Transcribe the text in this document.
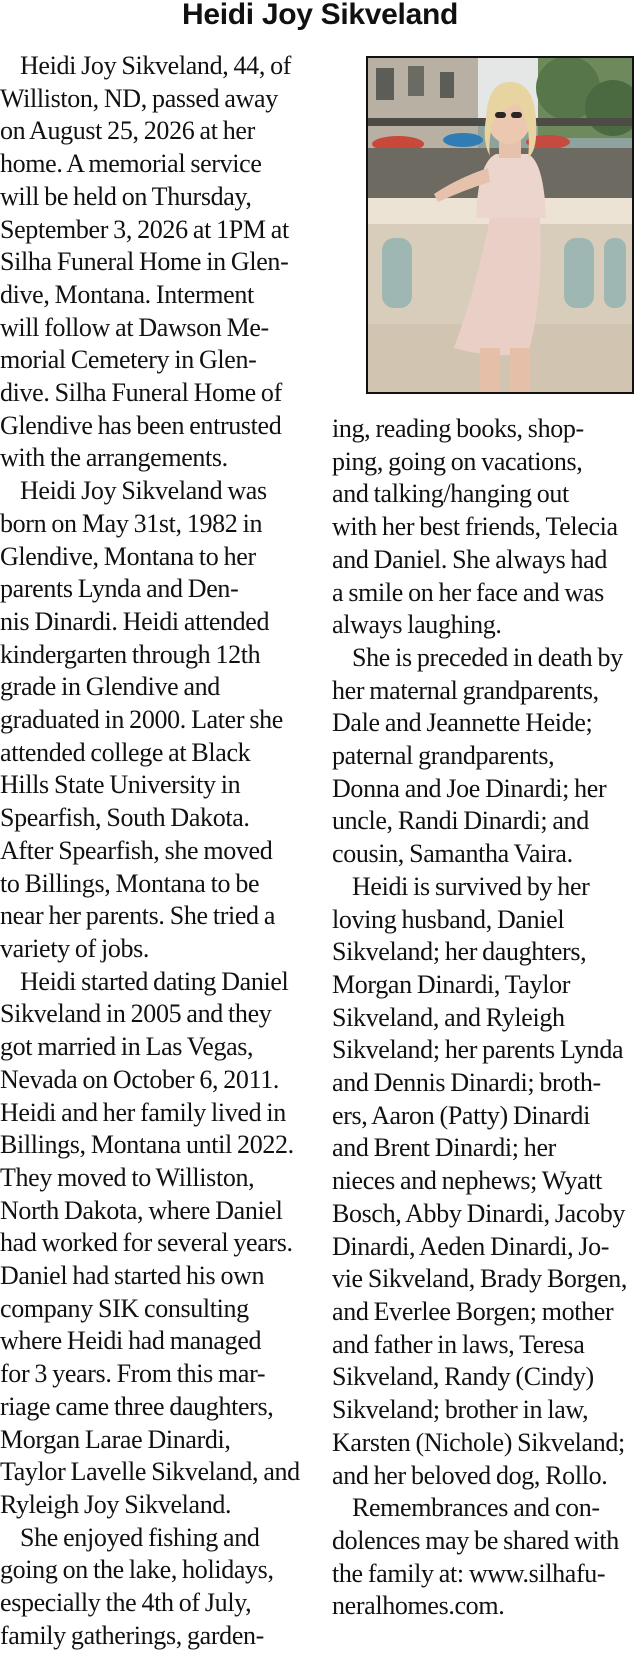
Heidi Joy Sikveland

Heidi Joy Sikveland, 44, of
Williston, ND, passed away
on August 25, 2026 at her
home. A memorial service
will be held on Thursday,
September 3, 2026 at 1PM at
Silha Funeral Home in Glen-
dive, Montana. Interment
will follow at Dawson Me-
morial Cemetery in Glen-
dive. Silha Funeral Home of
Glendive has been entrusted
with the arrangements.

Heidi Joy Sikveland was
born on May 31st, 1982 in
Glendive, Montana to her
parents Lynda and Den-
nis Dinardi. Heidi attended
kindergarten through 12th
grade in Glendive and
graduated in 2000. Later she
attended college at Black
Hills State University in
Spearfish, South Dakota.
After Spearfish, she moved
to Billings, Montana to be
near her parents. She tried a
variety of jobs.

Heidi started dating Daniel
Sikveland in 2005 and they
got married in Las Vegas,
Nevada on October 6, 2011.
Heidi and her family lived in
Billings, Montana until 2022.
They moved to Williston,
North Dakota, where Daniel
had worked for several years.
Daniel had started his own
company SIK consulting
where Heidi had managed
for 3 years. From this mar-
riage came three daughters,
Morgan Larae Dinardi,
Taylor Lavelle Sikveland, and
Ryleigh Joy Sikveland.

She enjoyed fishing and
going on the lake, holidays,
especially the 4th of July,
family gatherings, garden-

ing, reading books, shop-
ping, going on vacations,
and talking/hanging out
with her best friends, Telecia
and Daniel. She always had
a smile on her face and was
always laughing.

She is preceded in death by
her maternal grandparents,
Dale and Jeannette Heide;
paternal grandparents,
Donna and Joe Dinardi; her
uncle, Randi Dinardi; and
cousin, Samantha Vaira.

Heidi is survived by her
loving husband, Daniel
Sikveland; her daughters,
Morgan Dinardi, Taylor
Sikveland, and Ryleigh
Sikveland; her parents Lynda
and Dennis Dinardi; broth-
ers, Aaron (Patty) Dinardi
and Brent Dinardi; her
nieces and nephews; Wyatt
Bosch, Abby Dinardi, Jacoby
Dinardi, Aeden Dinardi, Jo-
vie Sikveland, Brady Borgen,
and Everlee Borgen; mother
and father in laws, Teresa
Sikveland, Randy (Cindy)
Sikveland; brother in law,
Karsten (Nichole) Sikveland;
and her beloved dog, Rollo.

Remembrances and con-
dolences may be shared with
the family at: www.silhafu-
neralhomes.com.
